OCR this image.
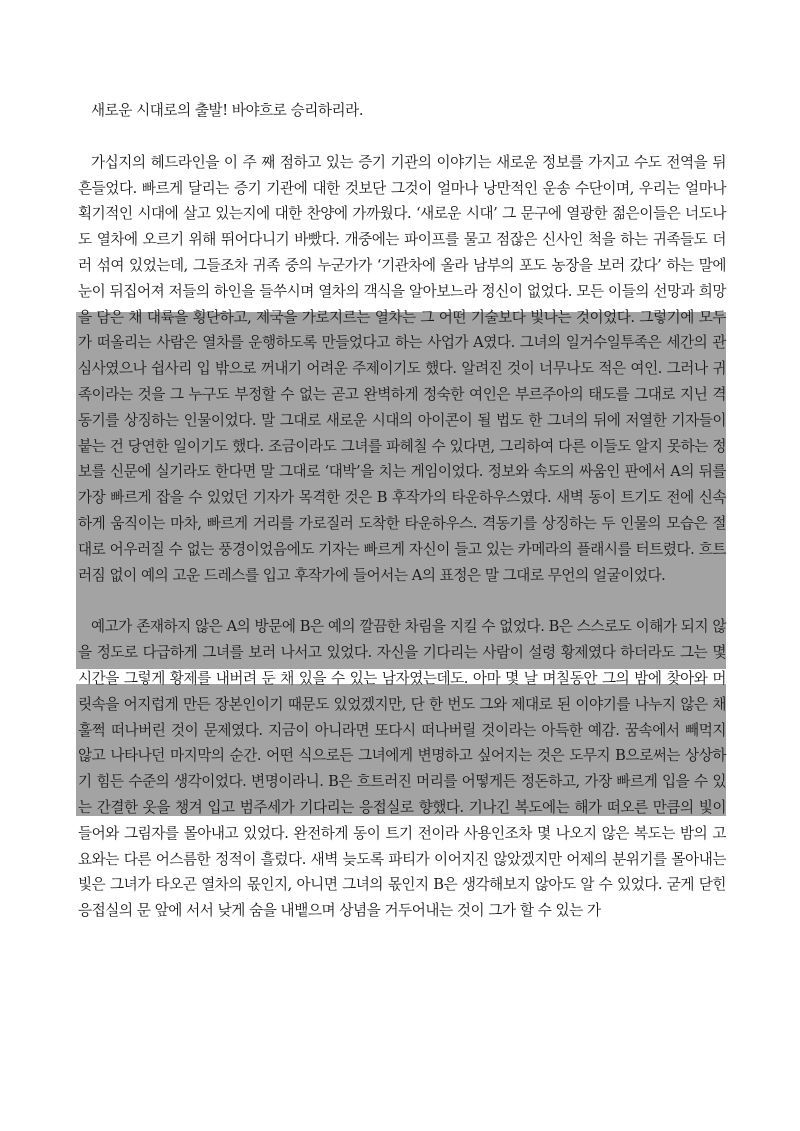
새로운 시대로의 출발! 바야흐로 승리하리라.

가십지의 헤드라인을 이 주 째 점하고 있는 증기 기관의 이야기는 새로운 정보를 가지고 수도 전역을 뒤흔들었다. 빠르게 달리는 증기 기관에 대한 것보단 그것이 얼마나 낭만적인 운송 수단이며, 우리는 얼마나 획기적인 시대에 살고 있는지에 대한 찬양에 가까웠다. ‘새로운 시대’ 그 문구에 열광한 젊은이들은 너도나도 열차에 오르기 위해 뛰어다니기 바빴다. 개중에는 파이프를 물고 점잖은 신사인 척을 하는 귀족들도 더러 섞여 있었는데, 그들조차 귀족 중의 누군가가 ‘기관차에 올라 남부의 포도 농장을 보러 갔다’ 하는 말에 눈이 뒤집어져 저들의 하인을 들쑤시며 열차의 객식을 알아보느라 정신이 없었다. 모든 이들의 선망과 희망을 담은 채 대륙을 횡단하고, 제국을 가로지르는 열차는 그 어떤 기술보다 빛나는 것이었다. 그렇기에 모두가 떠올리는 사람은 열차를 운행하도록 만들었다고 하는 사업가 A였다. 그녀의 일거수일투족은 세간의 관심사였으나 쉽사리 입 밖으로 꺼내기 어려운 주제이기도 했다. 알려진 것이 너무나도 적은 여인. 그러나 귀족이라는 것을 그 누구도 부정할 수 없는 곧고 완벽하게 정숙한 여인은 부르주아의 태도를 그대로 지닌 격동기를 상징하는 인물이었다. 말 그대로 새로운 시대의 아이콘이 될 법도 한 그녀의 뒤에 저열한 기자들이 붙는 건 당연한 일이기도 했다. 조금이라도 그녀를 파헤칠 수 있다면, 그리하여 다른 이들도 알지 못하는 정보를 신문에 실기라도 한다면 말 그대로 ‘대박’을 치는 게임이었다. 정보와 속도의 싸움인 판에서 A의 뒤를 가장 빠르게 잡을 수 있었던 기자가 목격한 것은 B 후작가의 타운하우스였다. 새벽 동이 트기도 전에 신속하게 움직이는 마차, 빠르게 거리를 가로질러 도착한 타운하우스. 격동기를 상징하는 두 인물의 모습은 절대로 어우러질 수 없는 풍경이었음에도 기자는 빠르게 자신이 들고 있는 카메라의 플래시를 터트렸다. 흐트러짐 없이 예의 고운 드레스를 입고 후작가에 들어서는 A의 표정은 말 그대로 무언의 얼굴이었다.

예고가 존재하지 않은 A의 방문에 B은 예의 깔끔한 차림을 지킬 수 없었다. B은 스스로도 이해가 되지 않을 정도로 다급하게 그녀를 보러 나서고 있었다. 자신을 기다리는 사람이 설령 황제였다 하더라도 그는 몇 시간을 그렇게 황제를 내버려 둔 채 있을 수 있는 남자였는데도. 아마 몇 날 며칠동안 그의 밤에 찾아와 머릿속을 어지럽게 만든 장본인이기 때문도 있었겠지만, 단 한 번도 그와 제대로 된 이야기를 나누지 않은 채 훌쩍 떠나버린 것이 문제였다. 지금이 아니라면 또다시 떠나버릴 것이라는 아득한 예감. 꿈속에서 빼먹지 않고 나타나던 마지막의 순간. 어떤 식으로든 그녀에게 변명하고 싶어지는 것은 도무지 B으로써는 상상하기 힘든 수준의 생각이었다. 변명이라니. B은 흐트러진 머리를 어떻게든 정돈하고, 가장 빠르게 입을 수 있는 간결한 옷을 챙겨 입고 범주세가 기다리는 응접실로 향했다. 기나긴 복도에는 해가 떠오른 만큼의 빛이 들어와 그림자를 몰아내고 있었다. 완전하게 동이 트기 전이라 사용인조차 몇 나오지 않은 복도는 밤의 고요와는 다른 어스름한 정적이 흘렀다. 새벽 늦도록 파티가 이어지진 않았겠지만 어제의 분위기를 몰아내는 빛은 그녀가 타오곤 열차의 몫인지, 아니면 그녀의 몫인지 B은 생각해보지 않아도 알 수 있었다. 굳게 닫힌 응접실의 문 앞에 서서 낮게 숨을 내뱉으며 상념을 거두어내는 것이 그가 할 수 있는 가
